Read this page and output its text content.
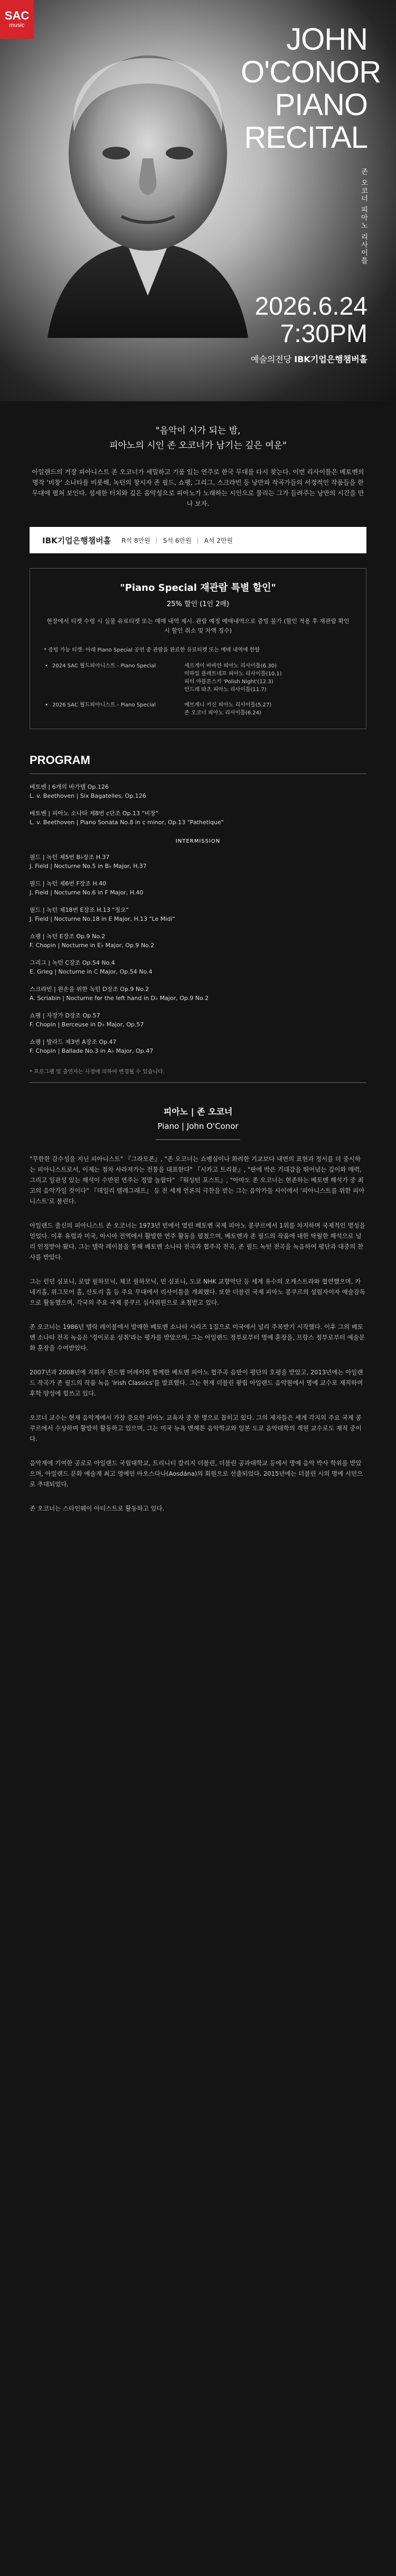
SAC
music	JOHN
O'CONOR
PIANO
RECITAL
존 오코너 피아노 리사이틀
2026.6.24
7:30PM
예술의전당 IBK기업은행챔버홀
"음악이 시가 되는 밤,
피아노의 시인 존 오코너가 남기는 깊은 여운"
아일랜드의 거장 피아니스트 존 오코너가 세밀하고 기품 있는 연주로 한국 무대를 다시 찾는다. 이번 리사이틀은 베토벤의 명작 '비창' 소나타를 비롯해, 녹턴의 창시자 존 필드, 쇼팽, 그리그, 스크랴빈 등 낭만파 작곡가들의 서정적인 작품들을 한 무대에 펼쳐 보인다. 섬세한 터치와 깊은 음악성으로 피아노가 노래하는 시인으로 불리는 그가 들려주는 낭만의 시간을 만나 보자.
IBK기업은행챔버홀 R석 8만원 | S석 6만원 | A석 2만원
"Piano Special 재관람 특별 할인"
25% 할인 (1인 2매)
현장에서 티켓 수령 시 실물 유료티켓 또는 예매 내역 제시. 관람 예정 예매내역으로 증빙 불가 (할인 적용 후 재관람 확인 시 할인 취소 및 차액 징수)
* 증빙 가능 티켓: 아래 Piano Special 공연 중 관람을 완료한 유료티켓 또는 예매 내역에 한함
• 2024 SAC 월드피아니스트 - Piano Special	세르게이 바바얀 피아노 리사이틀(6.30)
미하일 플레트네프 피아노 리사이틀(10.1)
피터 야블론스키 'Polish Night'(12.3)
안드레 와츠 피아노 리사이틀(11.7)
• 2026 SAC 월드피아니스트 - Piano Special	예브게니 키신 피아노 리사이틀(5.27)
존 오코너 피아노 리사이틀(6.24)
PROGRAM
베토벤 | 6개의 바가텔 Op.126
L. v. Beethoven | Six Bagatelles, Op.126
베토벤 | 피아노 소나타 제8번 c단조 Op.13 "비창"
L. v. Beethoven | Piano Sonata No.8 in c minor, Op.13 "Pathetique"
INTERMISSION
필드 | 녹턴 제5번 B♭장조 H.37
J. Field | Nocturne No.5 in B♭ Major, H.37
필드 | 녹턴 제6번 F장조 H.40
J. Field | Nocturne No.6 in F Major, H.40
필드 | 녹턴 제18번 E장조 H.13 "정오"
J. Field | Nocturne No.18 in E Major, H.13 "Le Midi"
쇼팽 | 녹턴 E장조 Op.9 No.2
F. Chopin | Nocturne in E♭ Major, Op.9 No.2
그리그 | 녹턴 C장조 Op.54 No.4
E. Grieg | Nocturne in C Major, Op.54 No.4
스크랴빈 | 왼손을 위한 녹턴 D장조 Op.9 No.2
A. Scriabin | Nocturne for the left hand in D♭ Major, Op.9 No.2
쇼팽 | 자장가 D장조 Op.57
F. Chopin | Berceuse in D♭ Major, Op.57
쇼팽 | 발라드 제3번 A장조 Op.47
F. Chopin | Ballade No.3 in A♭ Major, Op.47
* 프로그램 및 출연자는 사정에 의하여 변경될 수 있습니다.
피아노 | 존 오코너
Piano | John O'Conor

"무한한 감수성을 지닌 피아니스트" 『그라모폰』, "존 오코너는 쇼팽심이나 화려한 기교보다 내면의 표현과 정서를 더 중시하는 피아니스트로서, 이제는 점차 사라져가는 전통을 대표한다" 『시카고 트리뷴』, "판에 박은 기대감을 뛰어넘는 깊이와 매력, 그리고 일관성 있는 해석이 수반된 연주는 정말 놀랍다" 『워싱턴 포스트』, "아마도 존 오코너는 현존하는 베토벤 해석가 중 최고의 음악가일 것이다" 『데일리 텔레그래프』 등 전 세계 언론의 극찬을 받는 그는 음악가들 사이에서 '피아니스트를 위한 피아니스트'로 불린다.

아일랜드 출신의 피아니스트 존 오코너는 1973년 빈에서 열린 베토벤 국제 피아노 콩쿠르에서 1위를 차지하며 국제적인 명성을 얻었다. 이후 유럽과 미국, 아시아 전역에서 활발한 연주 활동을 펼쳤으며, 베토벤과 존 필드의 작품에 대한 탁월한 해석으로 널리 인정받아 왔다. 그는 텔락 레이블을 통해 베토벤 소나타 전곡과 협주곡 전곡, 존 필드 녹턴 전곡을 녹음하여 평단과 대중의 찬사를 받았다.

그는 런던 심포니, 로얄 필하모닉, 체코 필하모닉, 빈 심포니, 도쿄 NHK 교향악단 등 세계 유수의 오케스트라와 협연했으며, 카네기홀, 위그모어 홀, 산토리 홀 등 주요 무대에서 리사이틀을 개최했다. 또한 더블린 국제 피아노 콩쿠르의 설립자이자 예술감독으로 활동했으며, 각국의 주요 국제 콩쿠르 심사위원으로 초청받고 있다.

존 오코너는 1986년 텔락 레이블에서 발매한 베토벤 소나타 시리즈 1집으로 미국에서 널리 주목받기 시작했다. 이후 그의 베토벤 소나타 전곡 녹음은 '경이로운 성취'라는 평가를 받았으며, 그는 아일랜드 정부로부터 명예 훈장을, 프랑스 정부로부터 예술문화 훈장을 수여받았다.

2007년과 2008년에 지휘자 윈드햄 머레이와 함께한 베토벤 피아노 협주곡 음반이 평단의 호평을 받았고, 2013년에는 아일랜드 작곡가 존 필드의 작품 녹음 'Irish Classics'를 발표했다. 그는 현재 더블린 왕립 아일랜드 음악원에서 명예 교수로 재직하며 후학 양성에 힘쓰고 있다.

오코너 교수는 현재 음악계에서 가장 중요한 피아노 교육자 중 한 명으로 꼽히고 있다. 그의 제자들은 세계 각지의 주요 국제 콩쿠르에서 수상하며 활발히 활동하고 있으며, 그는 미국 뉴욕 맨해튼 음악학교와 일본 도쿄 음악대학의 객원 교수로도 재직 중이다.

음악계에 기여한 공로로 아일랜드 국립대학교, 트리니티 칼리지 더블린, 더블린 공과대학교 등에서 명예 음악 박사 학위를 받았으며, 아일랜드 문화 예술계 최고 영예인 아오스다나(Aosdána)의 회원으로 선출되었다. 2015년에는 더블린 시의 명예 시민으로 추대되었다.

존 오코너는 스타인웨이 아티스트로 활동하고 있다.
